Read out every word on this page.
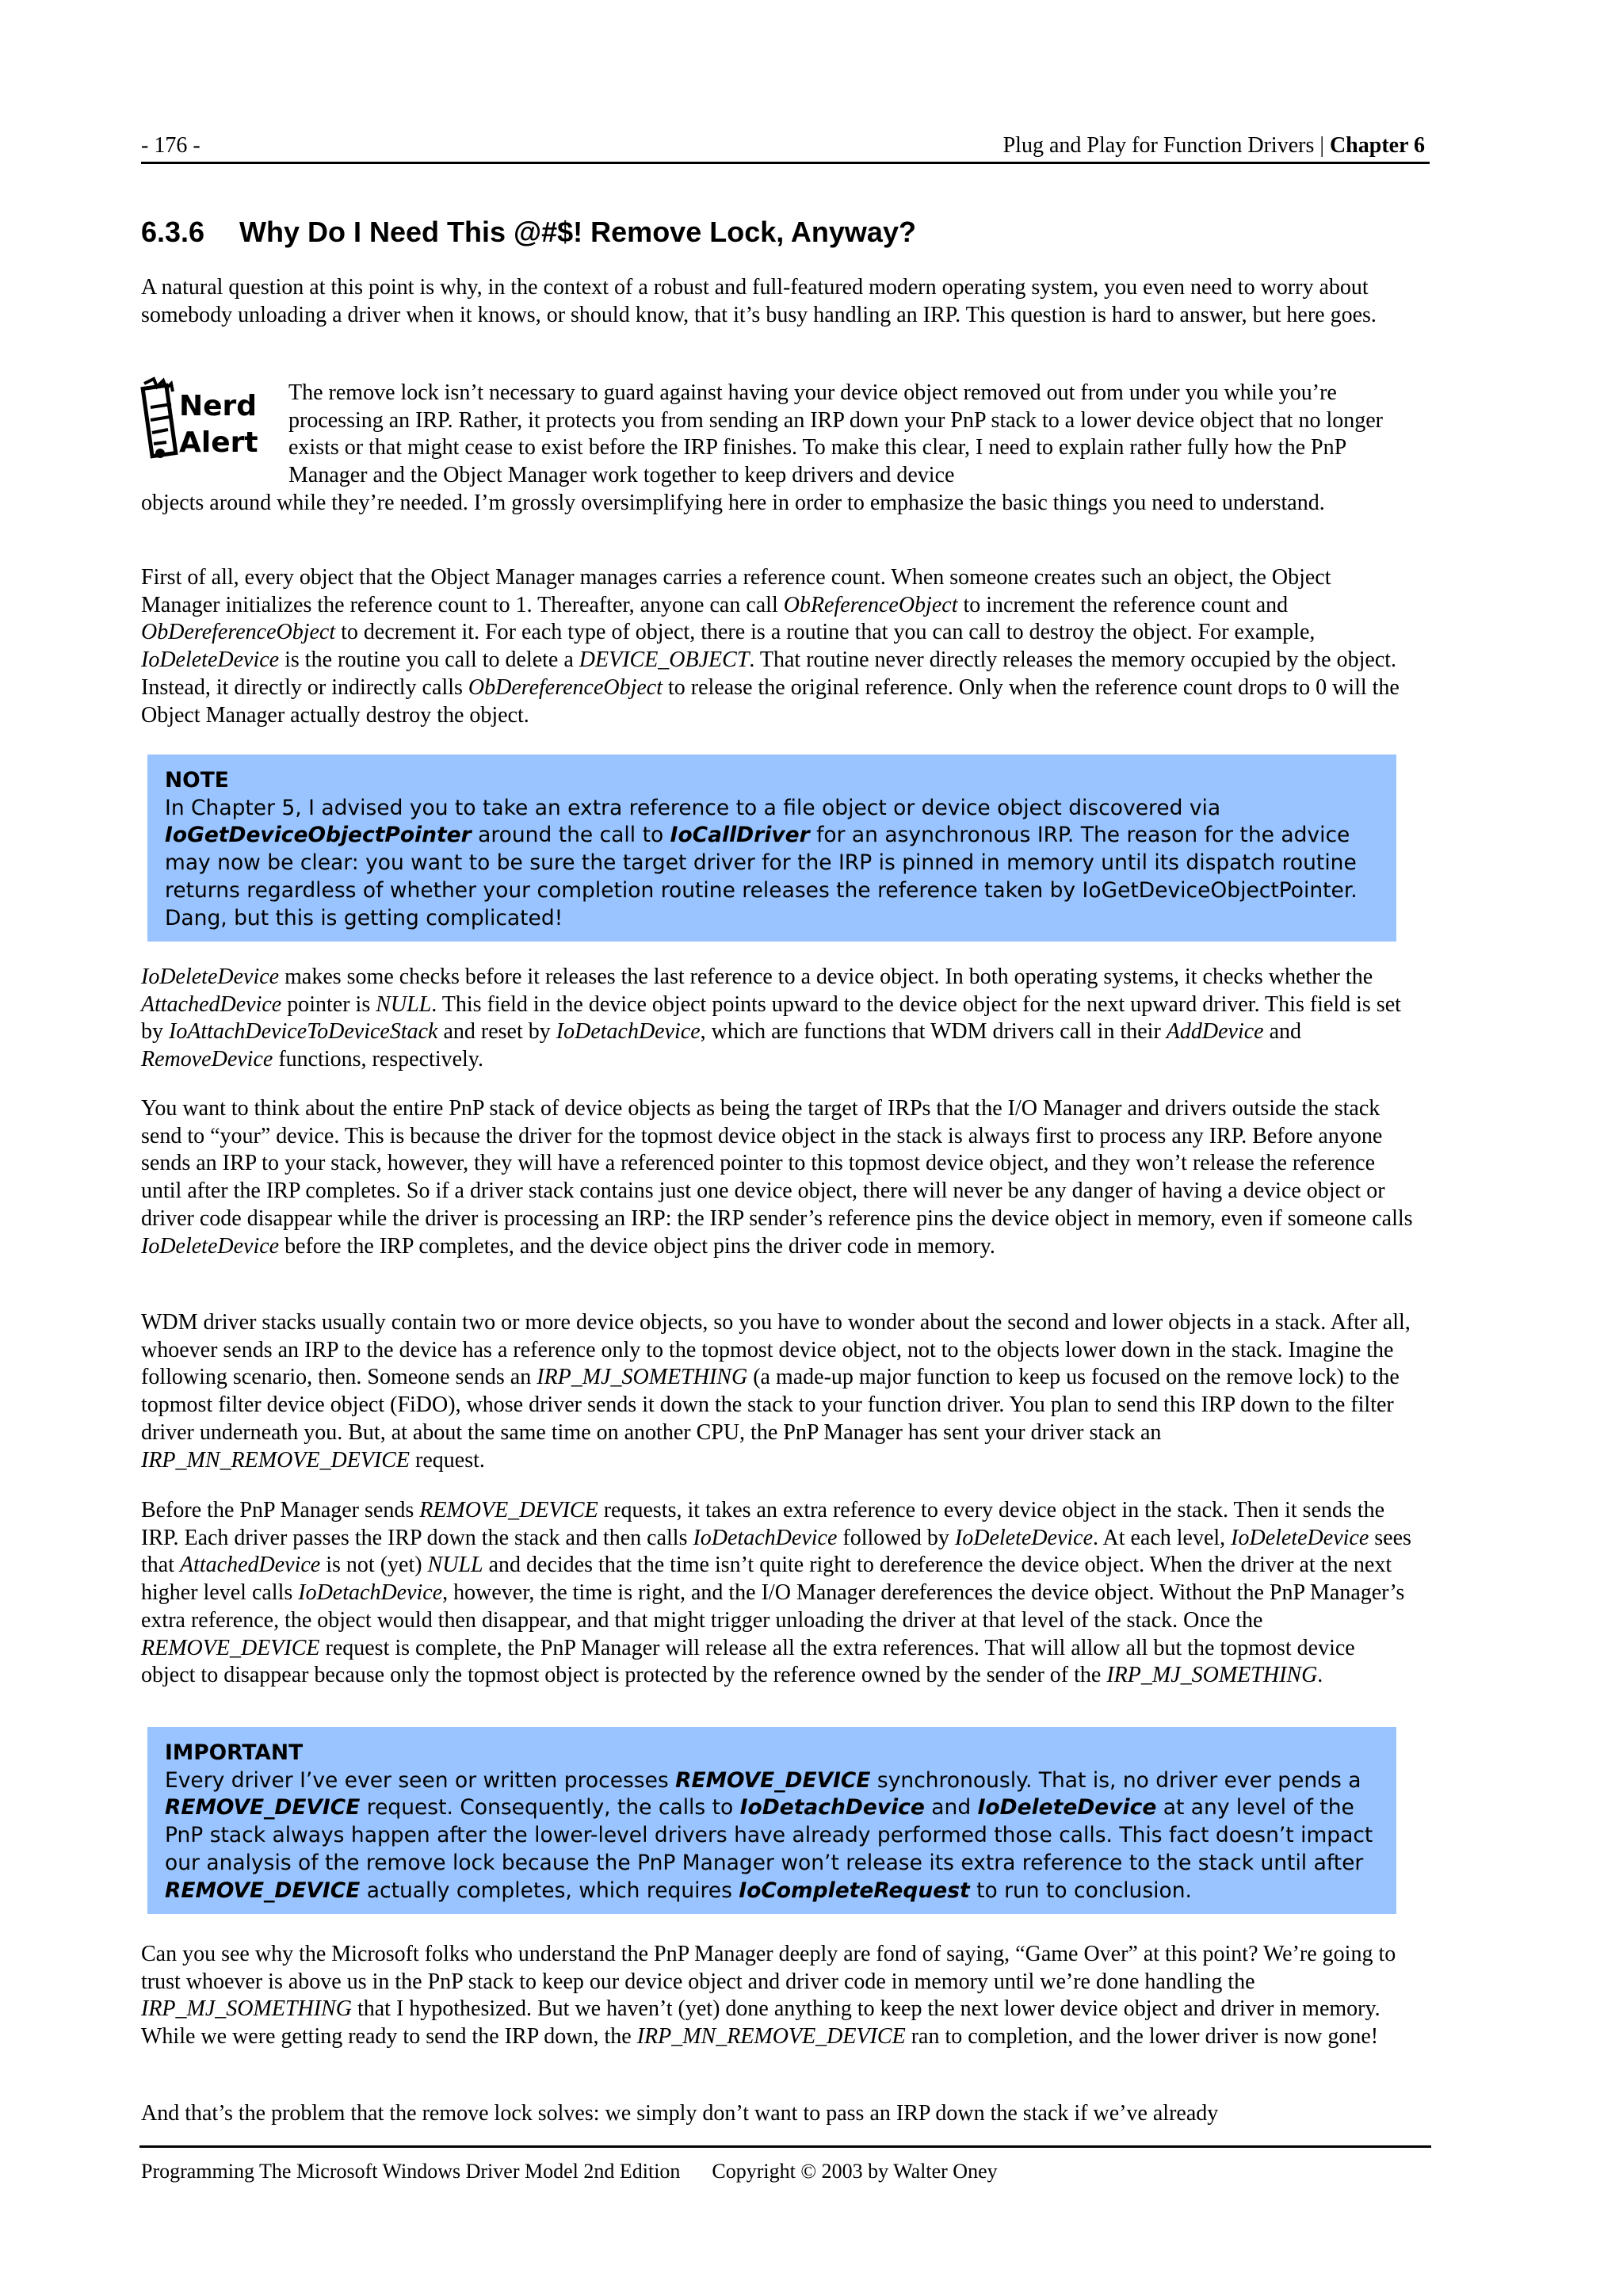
- 176 -	Plug and Play for Function Drivers | Chapter 6
6.3.6 Why Do I Need This @#$! Remove Lock, Anyway?

A natural question at this point is why, in the context of a robust and full-featured modern operating system, you even need to worry about somebody unloading a driver when it knows, or should know, that it’s busy handling an IRP. This question is hard to answer, but here goes.

Nerd
Alert

The remove lock isn’t necessary to guard against having your device object removed out from under you while you’re processing an IRP. Rather, it protects you from sending an IRP down your PnP stack to a lower device object that no longer exists or that might cease to exist before the IRP finishes. To make this clear, I need to explain rather fully how the PnP Manager and the Object Manager work together to keep drivers and device

objects around while they’re needed. I’m grossly oversimplifying here in order to emphasize the basic things you need to understand.

First of all, every object that the Object Manager manages carries a reference count. When someone creates such an object, the Object Manager initializes the reference count to 1. Thereafter, anyone can call ObReferenceObject to increment the reference count and ObDereferenceObject to decrement it. For each type of object, there is a routine that you can call to destroy the object. For example, IoDeleteDevice is the routine you call to delete a DEVICE_OBJECT. That routine never directly releases the memory occupied by the object. Instead, it directly or indirectly calls ObDereferenceObject to release the original reference. Only when the reference count drops to 0 will the Object Manager actually destroy the object.

NOTE
In Chapter 5, I advised you to take an extra reference to a file object or device object discovered via IoGetDeviceObjectPointer around the call to IoCallDriver for an asynchronous IRP. The reason for the advice may now be clear: you want to be sure the target driver for the IRP is pinned in memory until its dispatch routine returns regardless of whether your completion routine releases the reference taken by IoGetDeviceObjectPointer. Dang, but this is getting complicated!

IoDeleteDevice makes some checks before it releases the last reference to a device object. In both operating systems, it checks whether the AttachedDevice pointer is NULL. This field in the device object points upward to the device object for the next upward driver. This field is set by IoAttachDeviceToDeviceStack and reset by IoDetachDevice, which are functions that WDM drivers call in their AddDevice and RemoveDevice functions, respectively.

You want to think about the entire PnP stack of device objects as being the target of IRPs that the I/O Manager and drivers outside the stack send to “your” device. This is because the driver for the topmost device object in the stack is always first to process any IRP. Before anyone sends an IRP to your stack, however, they will have a referenced pointer to this topmost device object, and they won’t release the reference until after the IRP completes. So if a driver stack contains just one device object, there will never be any danger of having a device object or driver code disappear while the driver is processing an IRP: the IRP sender’s reference pins the device object in memory, even if someone calls IoDeleteDevice before the IRP completes, and the device object pins the driver code in memory.

WDM driver stacks usually contain two or more device objects, so you have to wonder about the second and lower objects in a stack. After all, whoever sends an IRP to the device has a reference only to the topmost device object, not to the objects lower down in the stack. Imagine the following scenario, then. Someone sends an IRP_MJ_SOMETHING (a made-up major function to keep us focused on the remove lock) to the topmost filter device object (FiDO), whose driver sends it down the stack to your function driver. You plan to send this IRP down to the filter driver underneath you. But, at about the same time on another CPU, the PnP Manager has sent your driver stack an IRP_MN_REMOVE_DEVICE request.

Before the PnP Manager sends REMOVE_DEVICE requests, it takes an extra reference to every device object in the stack. Then it sends the IRP. Each driver passes the IRP down the stack and then calls IoDetachDevice followed by IoDeleteDevice. At each level, IoDeleteDevice sees that AttachedDevice is not (yet) NULL and decides that the time isn’t quite right to dereference the device object. When the driver at the next higher level calls IoDetachDevice, however, the time is right, and the I/O Manager dereferences the device object. Without the PnP Manager’s extra reference, the object would then disappear, and that might trigger unloading the driver at that level of the stack. Once the REMOVE_DEVICE request is complete, the PnP Manager will release all the extra references. That will allow all but the topmost device object to disappear because only the topmost object is protected by the reference owned by the sender of the IRP_MJ_SOMETHING.

IMPORTANT
Every driver I’ve ever seen or written processes REMOVE_DEVICE synchronously. That is, no driver ever pends a REMOVE_DEVICE request. Consequently, the calls to IoDetachDevice and IoDeleteDevice at any level of the PnP stack always happen after the lower-level drivers have already performed those calls. This fact doesn’t impact our analysis of the remove lock because the PnP Manager won’t release its extra reference to the stack until after REMOVE_DEVICE actually completes, which requires IoCompleteRequest to run to conclusion.

Can you see why the Microsoft folks who understand the PnP Manager deeply are fond of saying, “Game Over” at this point? We’re going to trust whoever is above us in the PnP stack to keep our device object and driver code in memory until we’re done handling the IRP_MJ_SOMETHING that I hypothesized. But we haven’t (yet) done anything to keep the next lower device object and driver in memory. While we were getting ready to send the IRP down, the IRP_MN_REMOVE_DEVICE ran to completion, and the lower driver is now gone!

And that’s the problem that the remove lock solves: we simply don’t want to pass an IRP down the stack if we’ve already

Programming The Microsoft Windows Driver Model 2nd Edition Copyright © 2003 by Walter Oney
